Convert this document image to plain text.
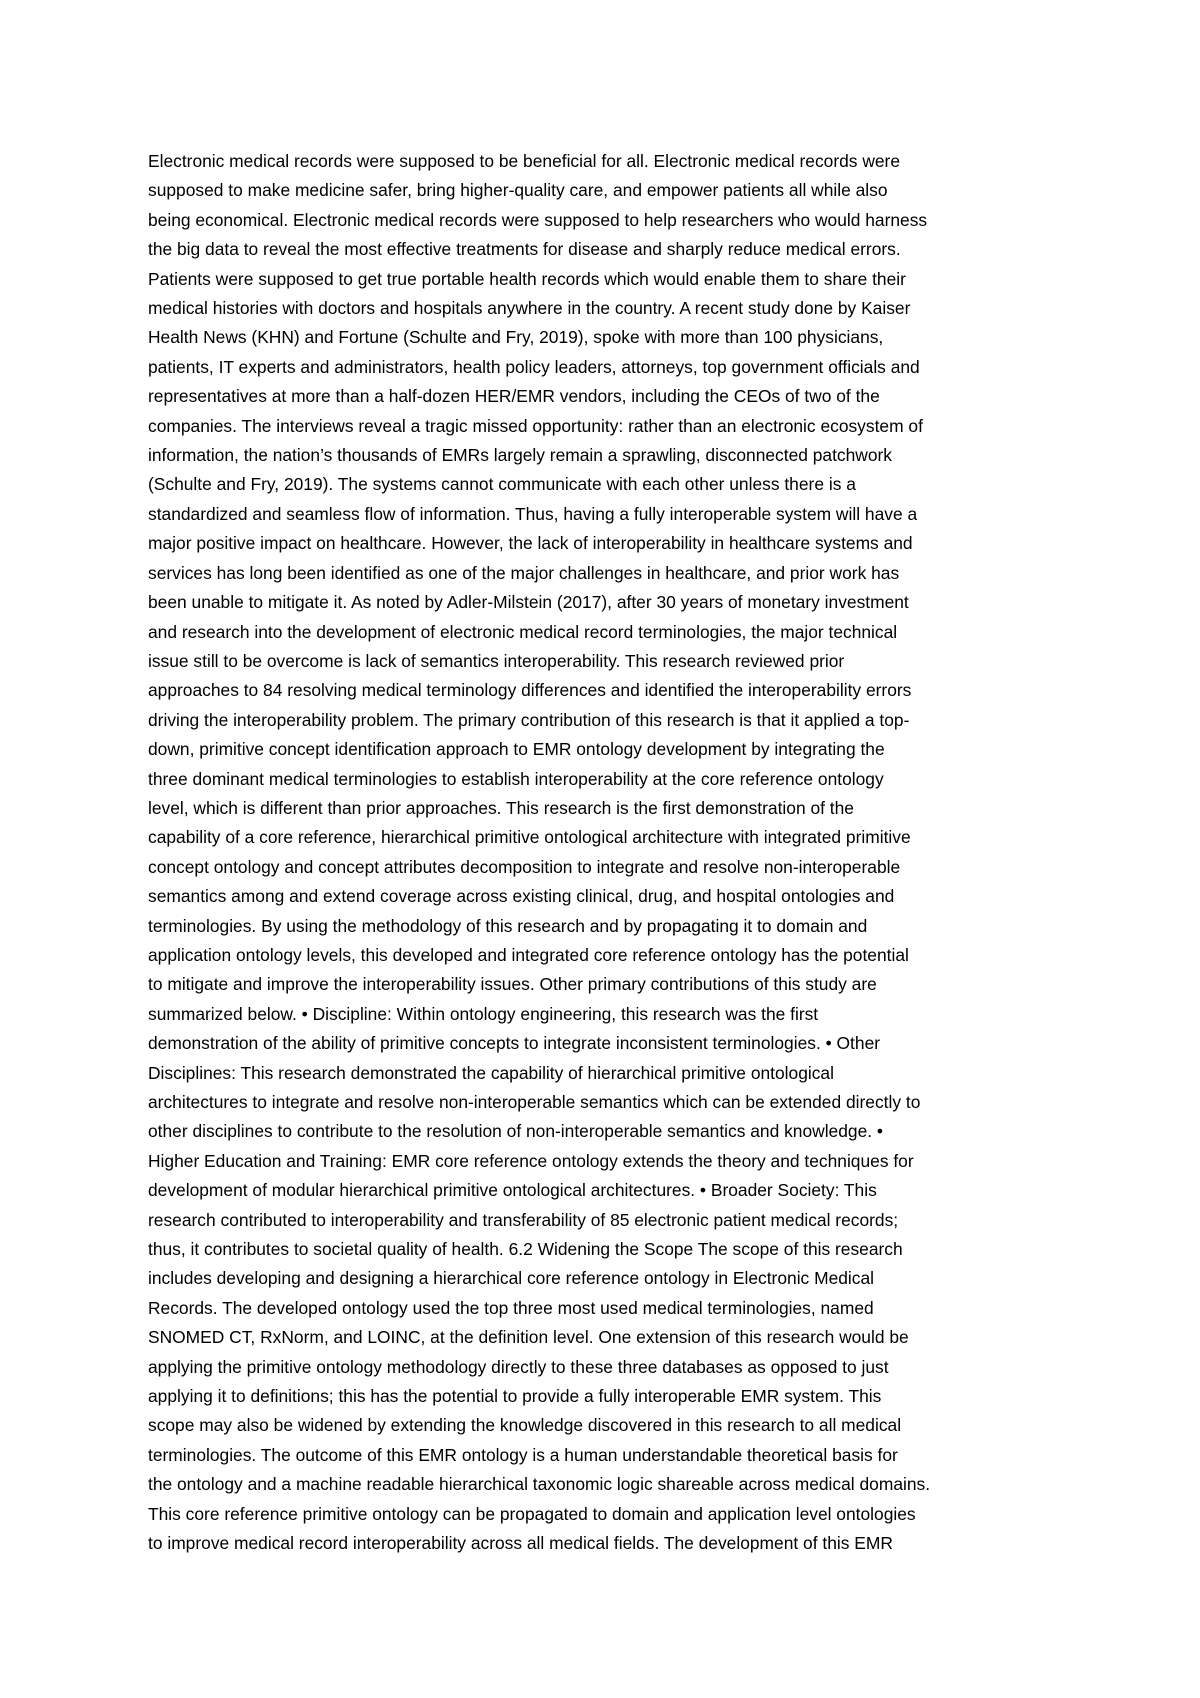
Electronic medical records were supposed to be beneficial for all. Electronic medical records were
supposed to make medicine safer, bring higher-quality care, and empower patients all while also
being economical. Electronic medical records were supposed to help researchers who would harness
the big data to reveal the most effective treatments for disease and sharply reduce medical errors.
Patients were supposed to get true portable health records which would enable them to share their
medical histories with doctors and hospitals anywhere in the country. A recent study done by Kaiser
Health News (KHN) and Fortune (Schulte and Fry, 2019), spoke with more than 100 physicians,
patients, IT experts and administrators, health policy leaders, attorneys, top government officials and
representatives at more than a half-dozen HER/EMR vendors, including the CEOs of two of the
companies. The interviews reveal a tragic missed opportunity: rather than an electronic ecosystem of
information, the nation’s thousands of EMRs largely remain a sprawling, disconnected patchwork
(Schulte and Fry, 2019). The systems cannot communicate with each other unless there is a
standardized and seamless flow of information. Thus, having a fully interoperable system will have a
major positive impact on healthcare. However, the lack of interoperability in healthcare systems and
services has long been identified as one of the major challenges in healthcare, and prior work has
been unable to mitigate it. As noted by Adler-Milstein (2017), after 30 years of monetary investment
and research into the development of electronic medical record terminologies, the major technical
issue still to be overcome is lack of semantics interoperability. This research reviewed prior
approaches to 84 resolving medical terminology differences and identified the interoperability errors
driving the interoperability problem. The primary contribution of this research is that it applied a top-
down, primitive concept identification approach to EMR ontology development by integrating the
three dominant medical terminologies to establish interoperability at the core reference ontology
level, which is different than prior approaches. This research is the first demonstration of the
capability of a core reference, hierarchical primitive ontological architecture with integrated primitive
concept ontology and concept attributes decomposition to integrate and resolve non-interoperable
semantics among and extend coverage across existing clinical, drug, and hospital ontologies and
terminologies. By using the methodology of this research and by propagating it to domain and
application ontology levels, this developed and integrated core reference ontology has the potential
to mitigate and improve the interoperability issues. Other primary contributions of this study are
summarized below. • Discipline: Within ontology engineering, this research was the first
demonstration of the ability of primitive concepts to integrate inconsistent terminologies. • Other
Disciplines: This research demonstrated the capability of hierarchical primitive ontological
architectures to integrate and resolve non-interoperable semantics which can be extended directly to
other disciplines to contribute to the resolution of non-interoperable semantics and knowledge. •
Higher Education and Training: EMR core reference ontology extends the theory and techniques for
development of modular hierarchical primitive ontological architectures. • Broader Society: This
research contributed to interoperability and transferability of 85 electronic patient medical records;
thus, it contributes to societal quality of health. 6.2 Widening the Scope The scope of this research
includes developing and designing a hierarchical core reference ontology in Electronic Medical
Records. The developed ontology used the top three most used medical terminologies, named
SNOMED CT, RxNorm, and LOINC, at the definition level. One extension of this research would be
applying the primitive ontology methodology directly to these three databases as opposed to just
applying it to definitions; this has the potential to provide a fully interoperable EMR system. This
scope may also be widened by extending the knowledge discovered in this research to all medical
terminologies. The outcome of this EMR ontology is a human understandable theoretical basis for
the ontology and a machine readable hierarchical taxonomic logic shareable across medical domains.
This core reference primitive ontology can be propagated to domain and application level ontologies
to improve medical record interoperability across all medical fields. The development of this EMR
